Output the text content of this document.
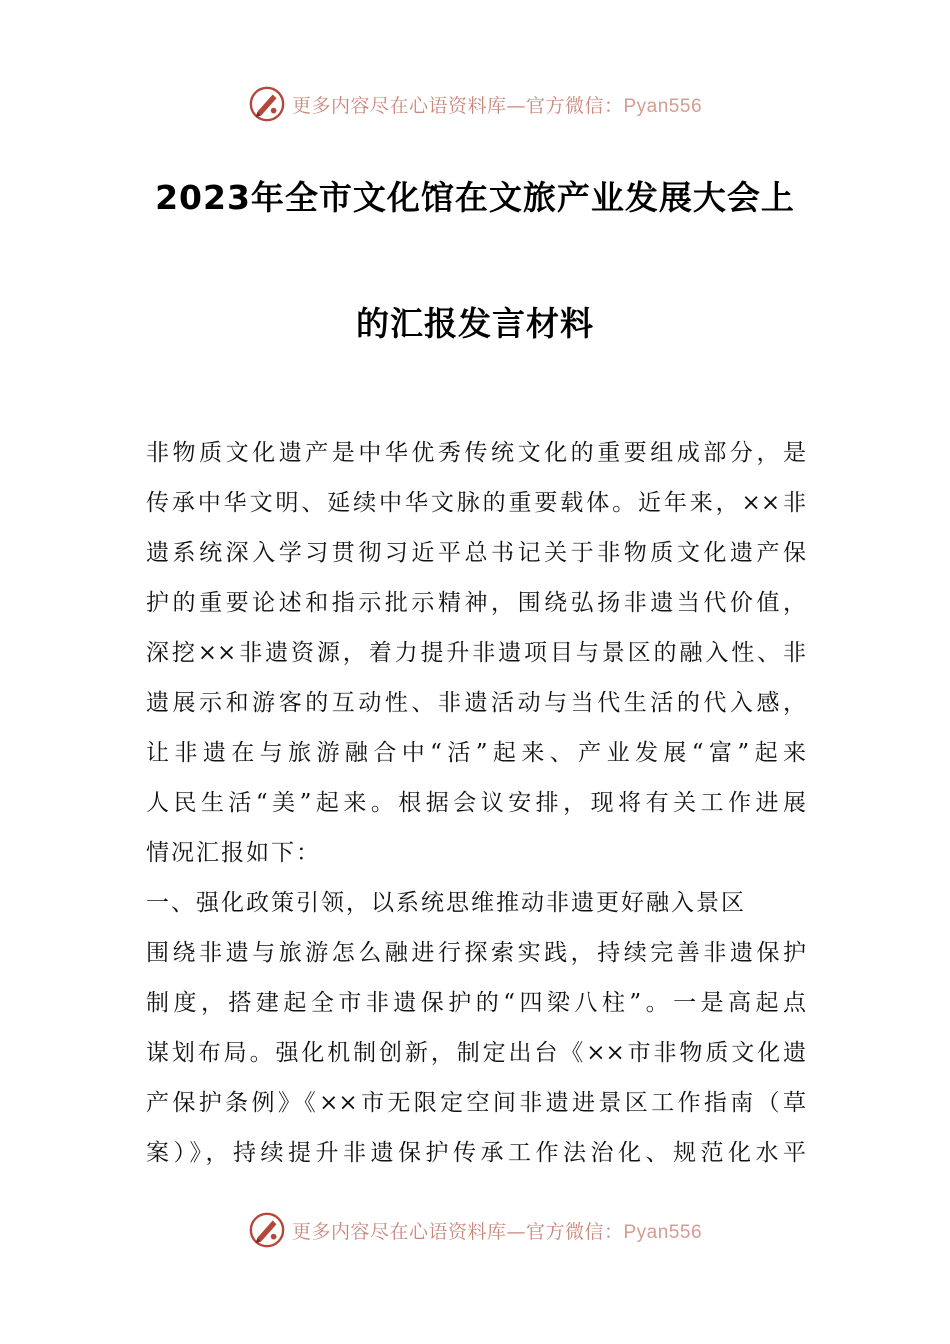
更多内容尽在心语资料库—官方微信：Pyan556
2023年全市文化馆在文旅产业发展大会上
的汇报发言材料
非物质文化遗产是中华优秀传统文化的重要组成部分，是
传承中华文明、延续中华文脉的重要载体。近年来，××非
遗系统深入学习贯彻习近平总书记关于非物质文化遗产保
护的重要论述和指示批示精神，围绕弘扬非遗当代价值，
深挖××非遗资源，着力提升非遗项目与景区的融入性、非
遗展示和游客的互动性、非遗活动与当代生活的代入感，
让非遗在与旅游融合中“活”起来、产业发展“富”起来
人民生活“美”起来。根据会议安排，现将有关工作进展
情况汇报如下：
一、强化政策引领，以系统思维推动非遗更好融入景区
围绕非遗与旅游怎么融进行探索实践，持续完善非遗保护
制度，搭建起全市非遗保护的“四梁八柱”。一是高起点
谋划布局。强化机制创新，制定出台《××市非物质文化遗
产保护条例》《××市无限定空间非遗进景区工作指南（草
案）》，持续提升非遗保护传承工作法治化、规范化水平
更多内容尽在心语资料库—官方微信：Pyan556
